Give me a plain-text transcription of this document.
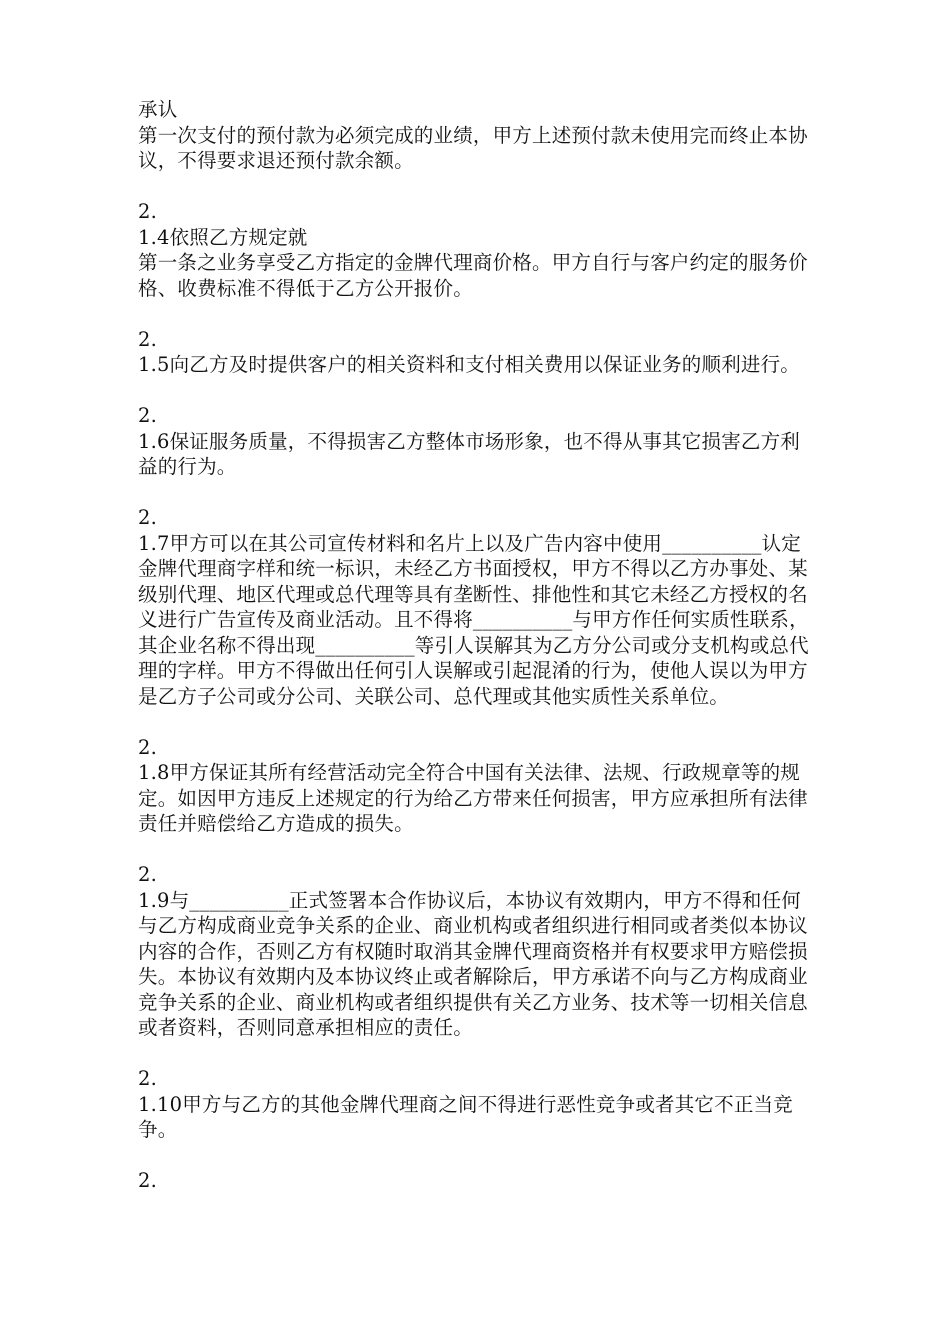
承认

第一次支付的预付款为必须完成的业绩，甲方上述预付款未使用完而终止本协议，不得要求退还预付款余额。

2.

1.4依照乙方规定就

第一条之业务享受乙方指定的金牌代理商价格。甲方自行与客户约定的服务价格、收费标准不得低于乙方公开报价。

2.

1.5向乙方及时提供客户的相关资料和支付相关费用以保证业务的顺利进行。

2.

1.6保证服务质量，不得损害乙方整体市场形象，也不得从事其它损害乙方利益的行为。

2.

1.7甲方可以在其公司宣传材料和名片上以及广告内容中使用__________认定金牌代理商字样和统一标识，未经乙方书面授权，甲方不得以乙方办事处、某级别代理、地区代理或总代理等具有垄断性、排他性和其它未经乙方授权的名义进行广告宣传及商业活动。且不得将__________与甲方作任何实质性联系，其企业名称不得出现__________等引人误解其为乙方分公司或分支机构或总代理的字样。甲方不得做出任何引人误解或引起混淆的行为，使他人误以为甲方是乙方子公司或分公司、关联公司、总代理或其他实质性关系单位。

2.

1.8甲方保证其所有经营活动完全符合中国有关法律、法规、行政规章等的规定。如因甲方违反上述规定的行为给乙方带来任何损害，甲方应承担所有法律责任并赔偿给乙方造成的损失。

2.

1.9与__________正式签署本合作协议后，本协议有效期内，甲方不得和任何与乙方构成商业竞争关系的企业、商业机构或者组织进行相同或者类似本协议内容的合作，否则乙方有权随时取消其金牌代理商资格并有权要求甲方赔偿损失。本协议有效期内及本协议终止或者解除后，甲方承诺不向与乙方构成商业竞争关系的企业、商业机构或者组织提供有关乙方业务、技术等一切相关信息或者资料，否则同意承担相应的责任。

2.

1.10甲方与乙方的其他金牌代理商之间不得进行恶性竞争或者其它不正当竞争。

2.
